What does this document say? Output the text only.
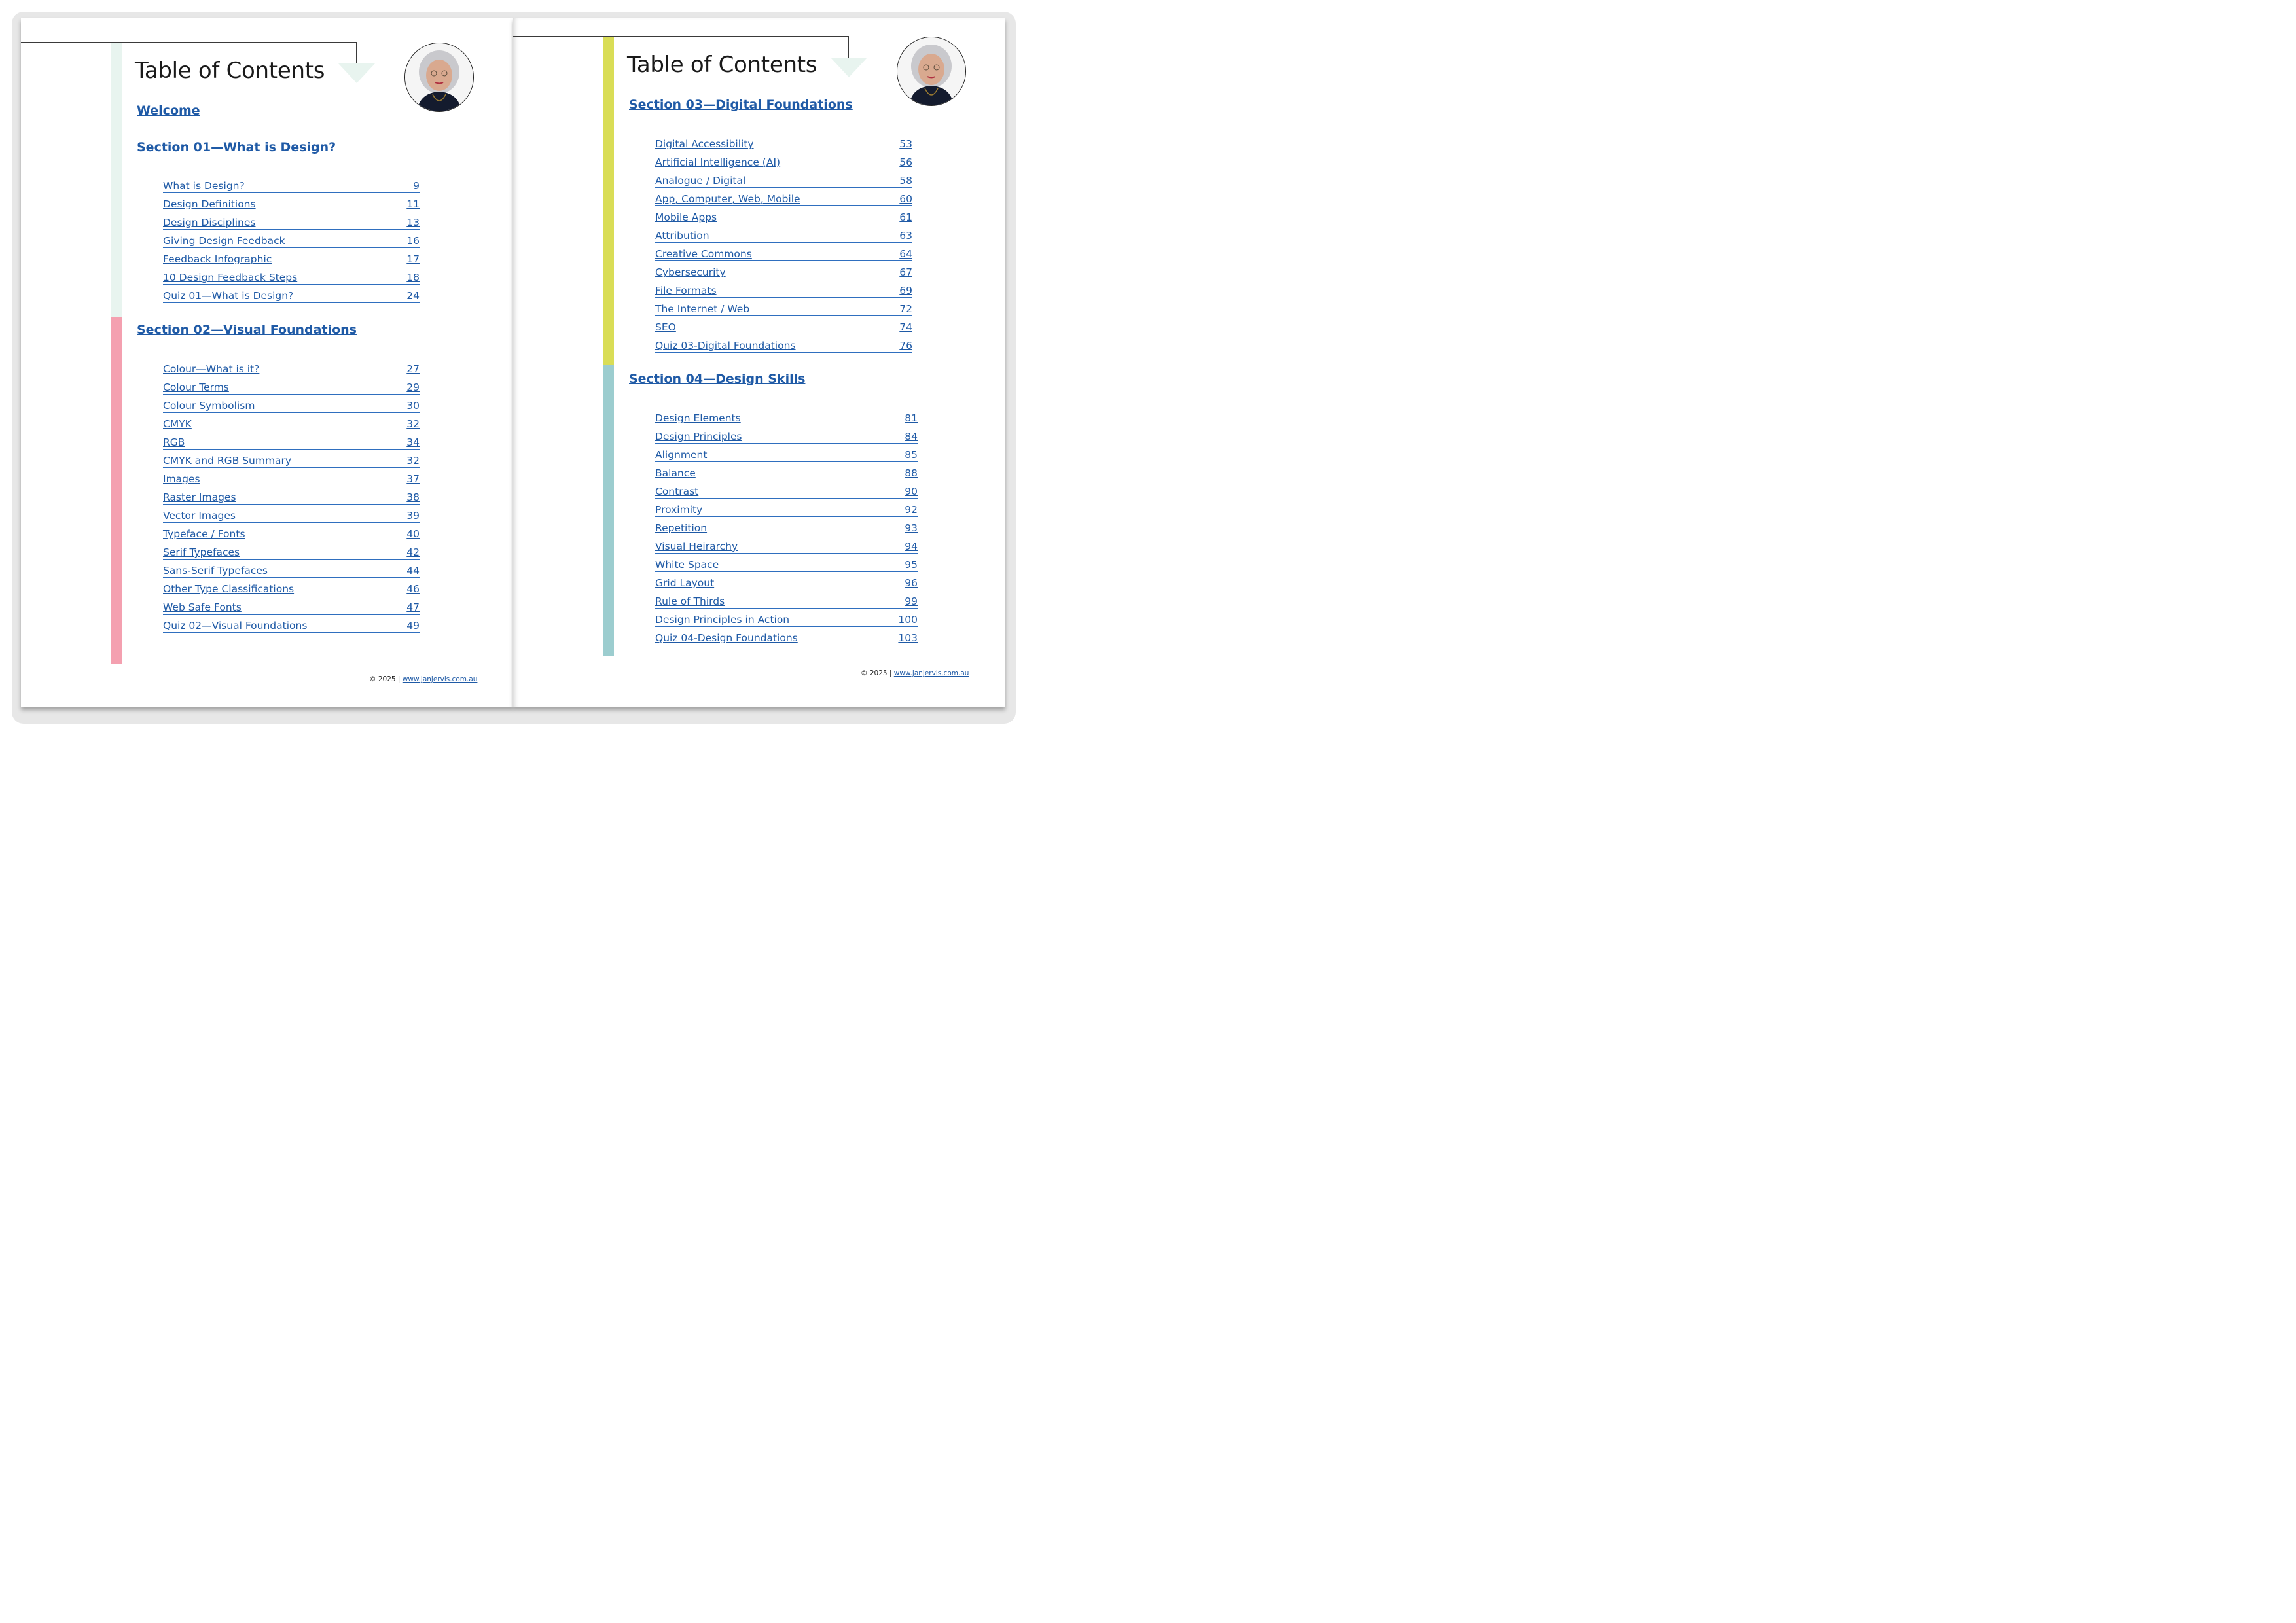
Table of Contents
Welcome
Section 01—What is Design?
What is Design?	9
Design Definitions	11
Design Disciplines	13
Giving Design Feedback	16
Feedback Infographic	17
10 Design Feedback Steps	18
Quiz 01—What is Design?	24
Section 02—Visual Foundations
Colour—What is it?	27
Colour Terms	29
Colour Symbolism	30
CMYK	32
RGB	34
CMYK and RGB Summary	32
Images	37
Raster Images	38
Vector Images	39
Typeface / Fonts	40
Serif Typefaces	42
Sans-Serif Typefaces	44
Other Type Classifications	46
Web Safe Fonts	47
Quiz 02—Visual Foundations	49
© 2025 | www.janjervis.com.au
Table of Contents
Section 03—Digital Foundations
Digital Accessibility	53
Artificial Intelligence (AI)	56
Analogue / Digital	58
App, Computer, Web, Mobile	60
Mobile Apps	61
Attribution	63
Creative Commons	64
Cybersecurity	67
File Formats	69
The Internet / Web	72
SEO	74
Quiz 03-Digital Foundations	76
Section 04—Design Skills
Design Elements	81
Design Principles	84
Alignment	85
Balance	88
Contrast	90
Proximity	92
Repetition	93
Visual Heirarchy	94
White Space	95
Grid Layout	96
Rule of Thirds	99
Design Principles in Action	100
Quiz 04-Design Foundations	103
© 2025 | www.janjervis.com.au
